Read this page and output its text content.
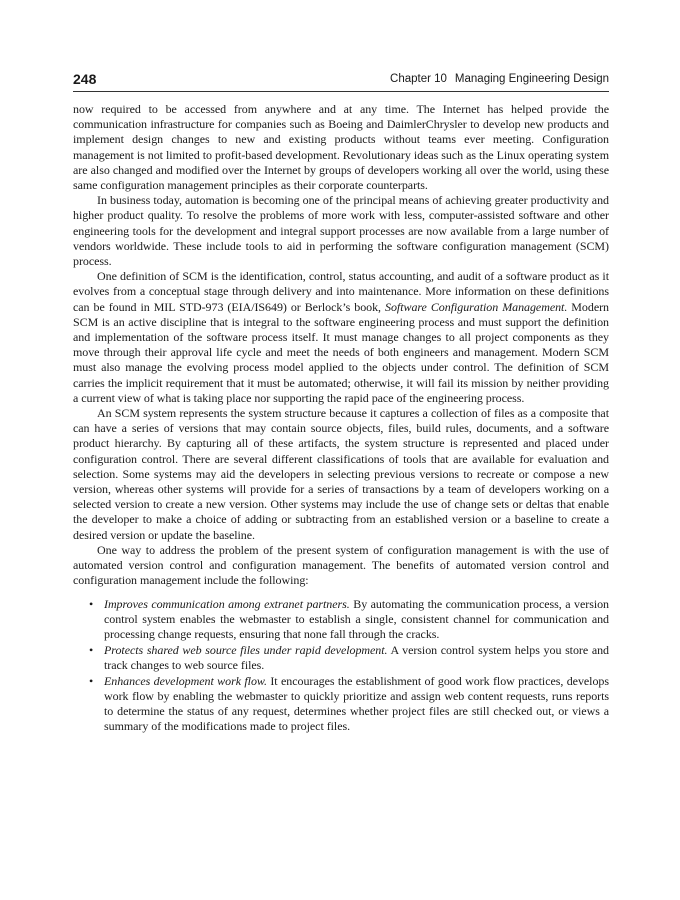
248	Chapter 10 Managing Engineering Design

now required to be accessed from anywhere and at any time. The Internet has helped provide the communication infrastructure for companies such as Boeing and DaimlerChrysler to develop new products and implement design changes to new and existing products without teams ever meeting. Configuration management is not limited to profit-based development. Revolutionary ideas such as the Linux operating system are also changed and modified over the Internet by groups of developers working all over the world, using these same configuration management principles as their corporate counterparts.

In business today, automation is becoming one of the principal means of achieving greater productivity and higher product quality. To resolve the problems of more work with less, computer-assisted software and other engineering tools for the development and integral support processes are now available from a large number of vendors worldwide. These include tools to aid in performing the software configuration management (SCM) process.

One definition of SCM is the identification, control, status accounting, and audit of a software product as it evolves from a conceptual stage through delivery and into maintenance. More information on these definitions can be found in MIL STD-973 (EIA/IS649) or Berlock’s book, Software Configuration Management. Modern SCM is an active discipline that is integral to the software engineering process and must support the definition and implementation of the software process itself. It must manage changes to all project components as they move through their approval life cycle and meet the needs of both engineers and management. Modern SCM must also manage the evolving process model applied to the objects under control. The definition of SCM carries the implicit requirement that it must be automated; otherwise, it will fail its mission by neither providing a current view of what is taking place nor supporting the rapid pace of the engineering process.

An SCM system represents the system structure because it captures a collection of files as a composite that can have a series of versions that may contain source objects, files, build rules, documents, and a software product hierarchy. By capturing all of these artifacts, the system structure is represented and placed under configuration control. There are several different classifications of tools that are available for evaluation and selection. Some systems may aid the developers in selecting previous versions to recreate or compose a new version, whereas other systems will provide for a series of transactions by a team of developers working on a selected version to create a new version. Other systems may include the use of change sets or deltas that enable the developer to make a choice of adding or subtracting from an established version or a baseline to create a desired version or update the baseline.

One way to address the problem of the present system of configuration management is with the use of automated version control and configuration management. The benefits of automated version control and configuration management include the following:

• Improves communication among extranet partners. By automating the communication process, a version control system enables the webmaster to establish a single, consistent channel for communication and processing change requests, ensuring that none fall through the cracks.
• Protects shared web source files under rapid development. A version control system helps you store and track changes to web source files.
• Enhances development work flow. It encourages the establishment of good work flow practices, develops work flow by enabling the webmaster to quickly prioritize and assign web content requests, runs reports to determine the status of any request, determines whether project files are still checked out, or views a summary of the modifications made to project files.
